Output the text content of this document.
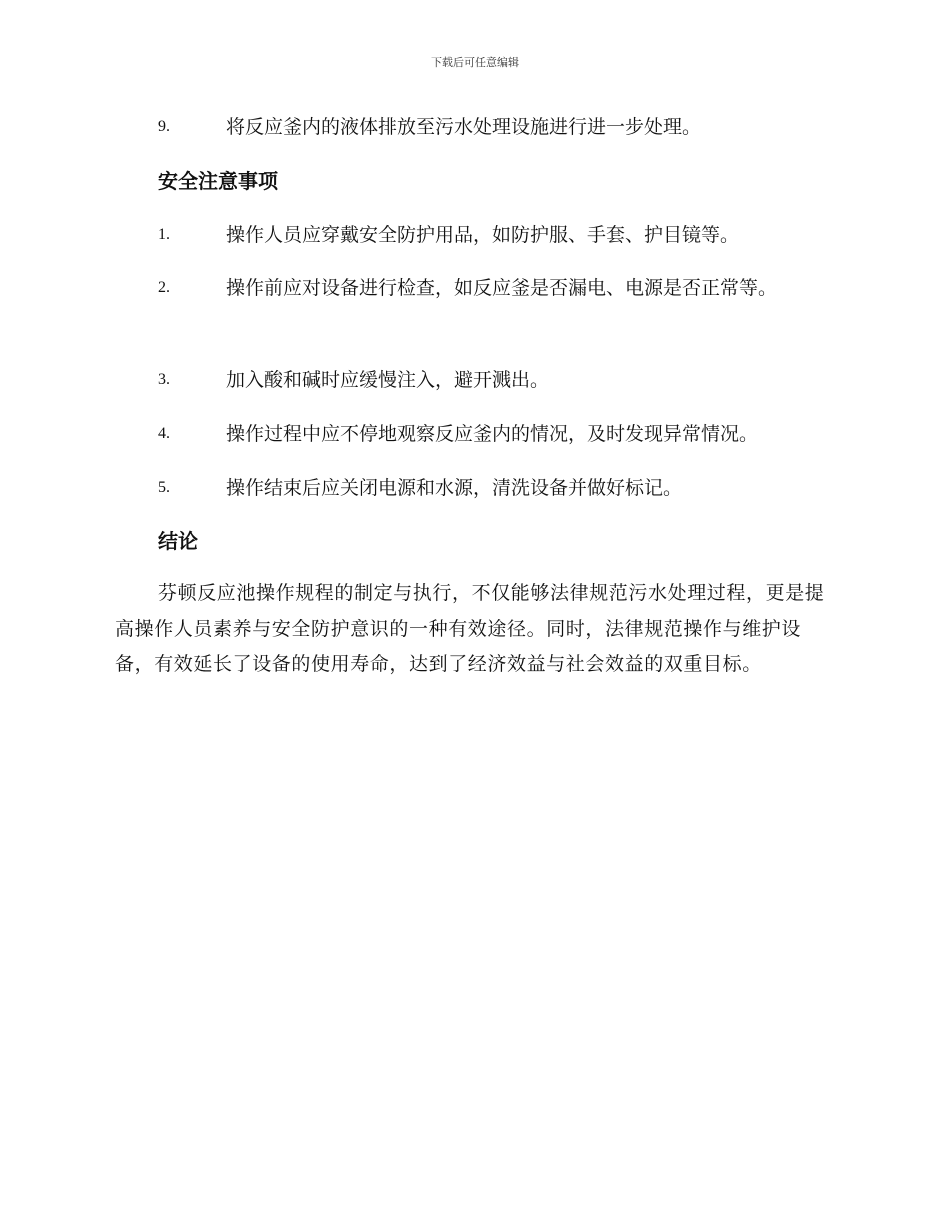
下载后可任意编辑
9.	将反应釜内的液体排放至污水处理设施进行进一步处理。
安全注意事项
1.	操作人员应穿戴安全防护用品，如防护服、手套、护目镜等。
2.	操作前应对设备进行检查，如反应釜是否漏电、电源是否正常等。
3.	加入酸和碱时应缓慢注入，避开溅出。
4.	操作过程中应不停地观察反应釜内的情况，及时发现异常情况。
5.	操作结束后应关闭电源和水源，清洗设备并做好标记。
结论
芬顿反应池操作规程的制定与执行，不仅能够法律规范污水处理过程，更是提高操作人员素养与安全防护意识的一种有效途径。同时，法律规范操作与维护设备，有效延长了设备的使用寿命，达到了经济效益与社会效益的双重目标。
